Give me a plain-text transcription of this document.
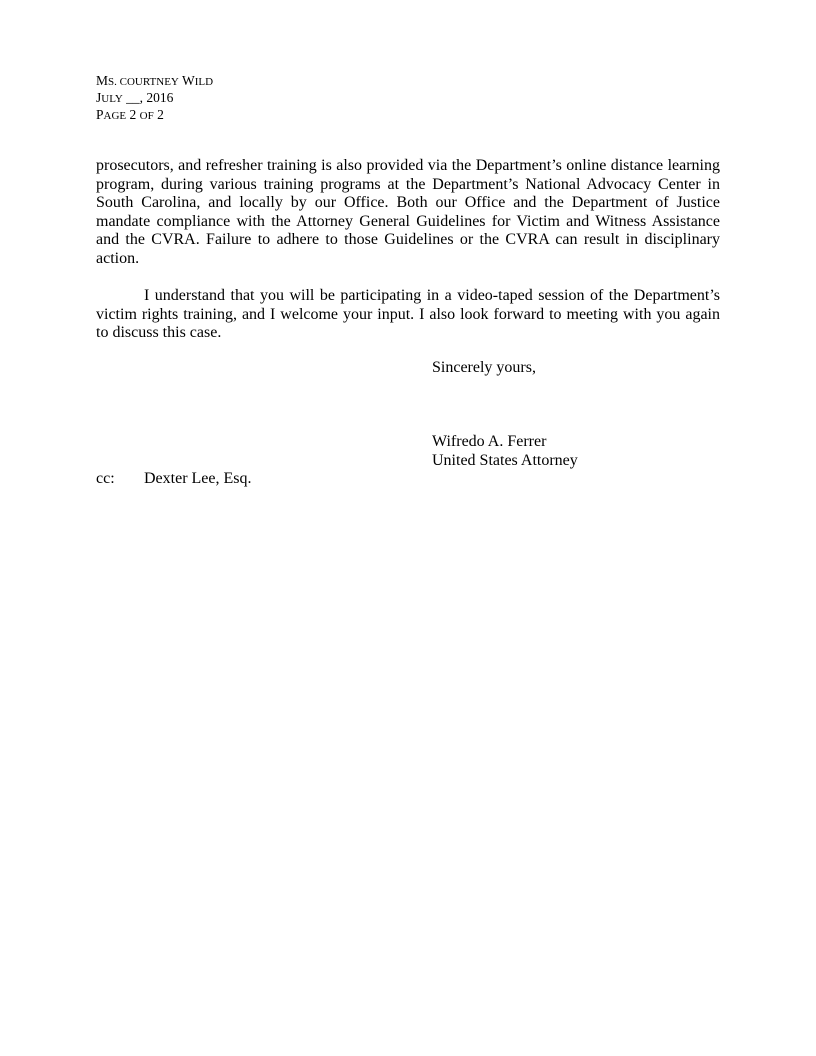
MS. COURTNEY WILD
JULY __, 2016
PAGE 2 OF 2
prosecutors, and refresher training is also provided via the Department’s online distance learning program, during various training programs at the Department’s National Advocacy Center in South Carolina, and locally by our Office. Both our Office and the Department of Justice mandate compliance with the Attorney General Guidelines for Victim and Witness Assistance and the CVRA. Failure to adhere to those Guidelines or the CVRA can result in disciplinary action.
I understand that you will be participating in a video-taped session of the Department’s victim rights training, and I welcome your input. I also look forward to meeting with you again to discuss this case.
Sincerely yours,
Wifredo A. Ferrer
United States Attorney
cc: Dexter Lee, Esq.
